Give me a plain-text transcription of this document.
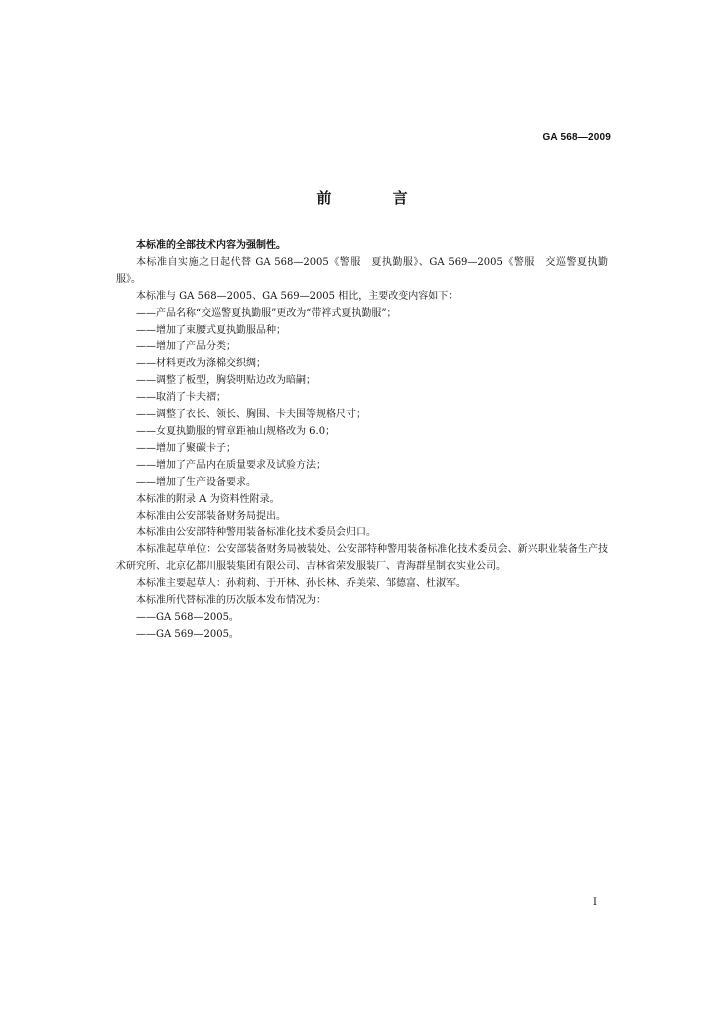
GA 568—2009
前 言

本标准的全部技术内容为强制性。

本标准自实施之日起代替 GA 568—2005《警服　夏执勤服》、GA 569—2005《警服　交巡警夏执勤服》。

本标准与 GA 568—2005、GA 569—2005 相比，主要改变内容如下：

——产品名称“交巡警夏执勤服”更改为“带袢式夏执勤服”；

——增加了束腰式夏执勤服品种；

——增加了产品分类；

——材料更改为涤棉交织绸；

——调整了板型，胸袋明贴边改为暗嗣；

——取消了卡夫褶；

——调整了衣长、领长、胸围、卡夫围等规格尺寸；

——女夏执勤服的臂章距袖山规格改为 6.0；

——增加了聚碳卡子；

——增加了产品内在质量要求及试验方法；

——增加了生产设备要求。

本标准的附录 A 为资料性附录。

本标准由公安部装备财务局提出。

本标准由公安部特种警用装备标准化技术委员会归口。

本标准起草单位：公安部装备财务局被装处、公安部特种警用装备标准化技术委员会、新兴职业装备生产技术研究所、北京亿都川服装集团有限公司、吉林省荣发服装厂、青海群星制衣实业公司。

本标准主要起草人：孙莉莉、于开林、孙长林、乔美荣、邹德富、杜淑军。

本标准所代替标准的历次版本发布情况为：

——GA 568—2005。

——GA 569—2005。

I
